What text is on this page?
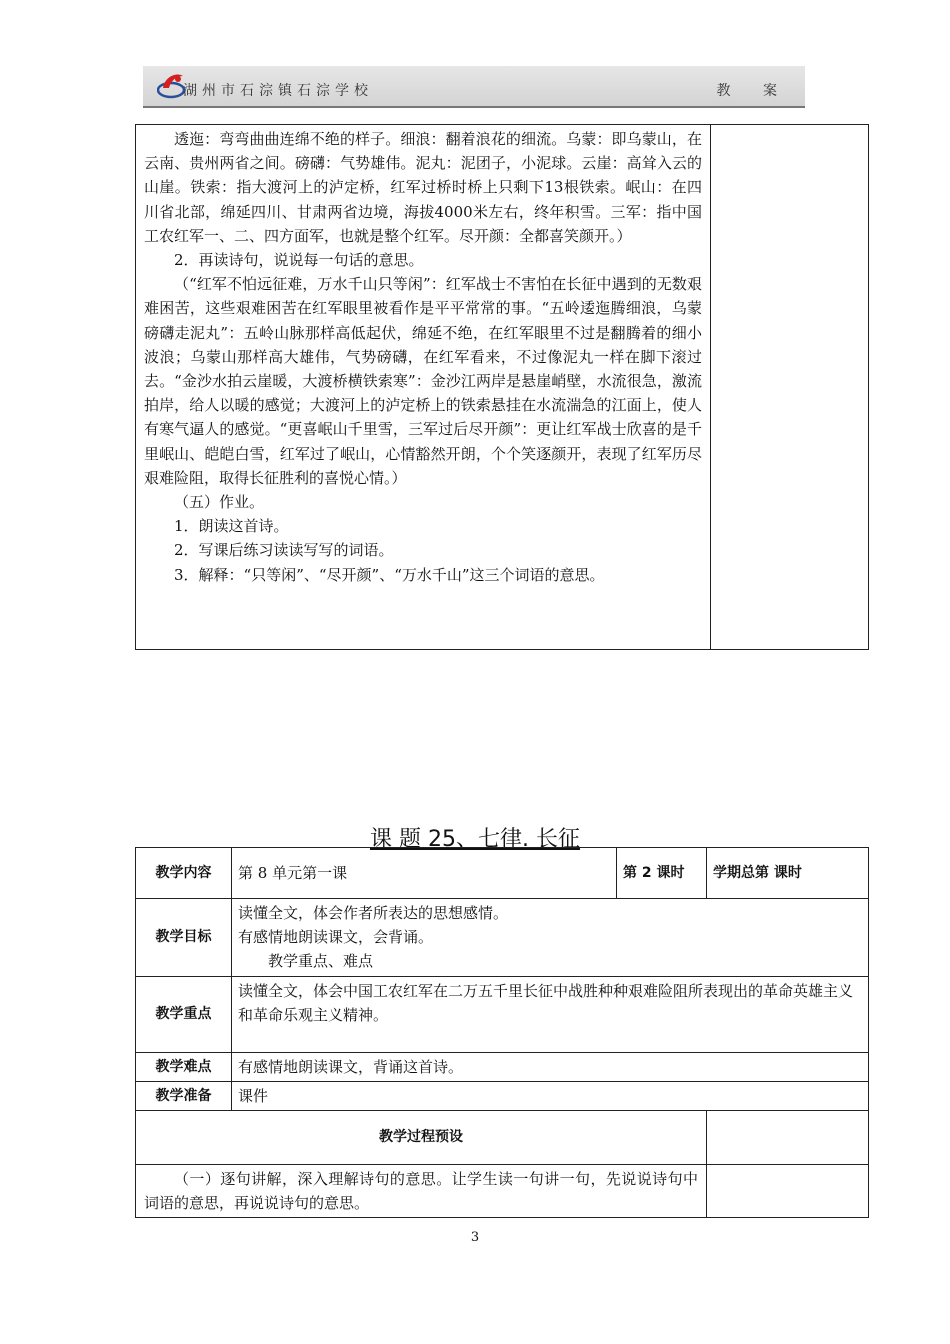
湖州市石淙镇石淙学校	教 案

透迤：弯弯曲曲连绵不绝的样子。细浪：翻着浪花的细流。乌蒙：即乌蒙山，在云南、贵州两省之间。磅礴：气势雄伟。泥丸：泥团子，小泥球。云崖：高耸入云的山崖。铁索：指大渡河上的泸定桥，红军过桥时桥上只剩下13根铁索。岷山：在四川省北部，绵延四川、甘肃两省边境，海拔4000米左右，终年积雪。三军：指中国工农红军一、二、四方面军，也就是整个红军。尽开颜：全都喜笑颜开。）

2．再读诗句，说说每一句话的意思。

（“红军不怕远征难，万水千山只等闲”：红军战士不害怕在长征中遇到的无数艰难困苦，这些艰难困苦在红军眼里被看作是平平常常的事。“五岭逶迤腾细浪，乌蒙磅礴走泥丸”：五岭山脉那样高低起伏，绵延不绝，在红军眼里不过是翻腾着的细小波浪；乌蒙山那样高大雄伟，气势磅礴，在红军看来，不过像泥丸一样在脚下滚过去。“金沙水拍云崖暖，大渡桥横铁索寒”：金沙江两岸是悬崖峭壁，水流很急，激流拍岸，给人以暖的感觉；大渡河上的泸定桥上的铁索悬挂在水流湍急的江面上，使人有寒气逼人的感觉。“更喜岷山千里雪，三军过后尽开颜”：更让红军战士欣喜的是千里岷山、皑皑白雪，红军过了岷山，心情豁然开朗，个个笑逐颜开，表现了红军历尽艰难险阻，取得长征胜利的喜悦心情。）

（五）作业。

1．朗读这首诗。

2．写课后练习读读写写的词语。

3．解释：“只等闲”、“尽开颜”、“万水千山”这三个词语的意思。

课 题 25、七律. 长征
教学内容	第 8 单元第一课	第 2 课时	学期总第 课时
教学目标	读懂全文，体会作者所表达的思想感情。
有感情地朗读课文，会背诵。
教学重点、难点		

教学重点	读懂全文，体会中国工农红军在二万五千里长征中战胜种种艰难险阻所表现出的革命英雄主义和革命乐观主义精神。		
教学难点	有感情地朗读课文，背诵这首诗。		
教学准备	课件		
教学过程预设			

（一）逐句讲解，深入理解诗句的意思。让学生读一句讲一句，先说说诗句中词语的意思，再说说诗句的意思。			

3
